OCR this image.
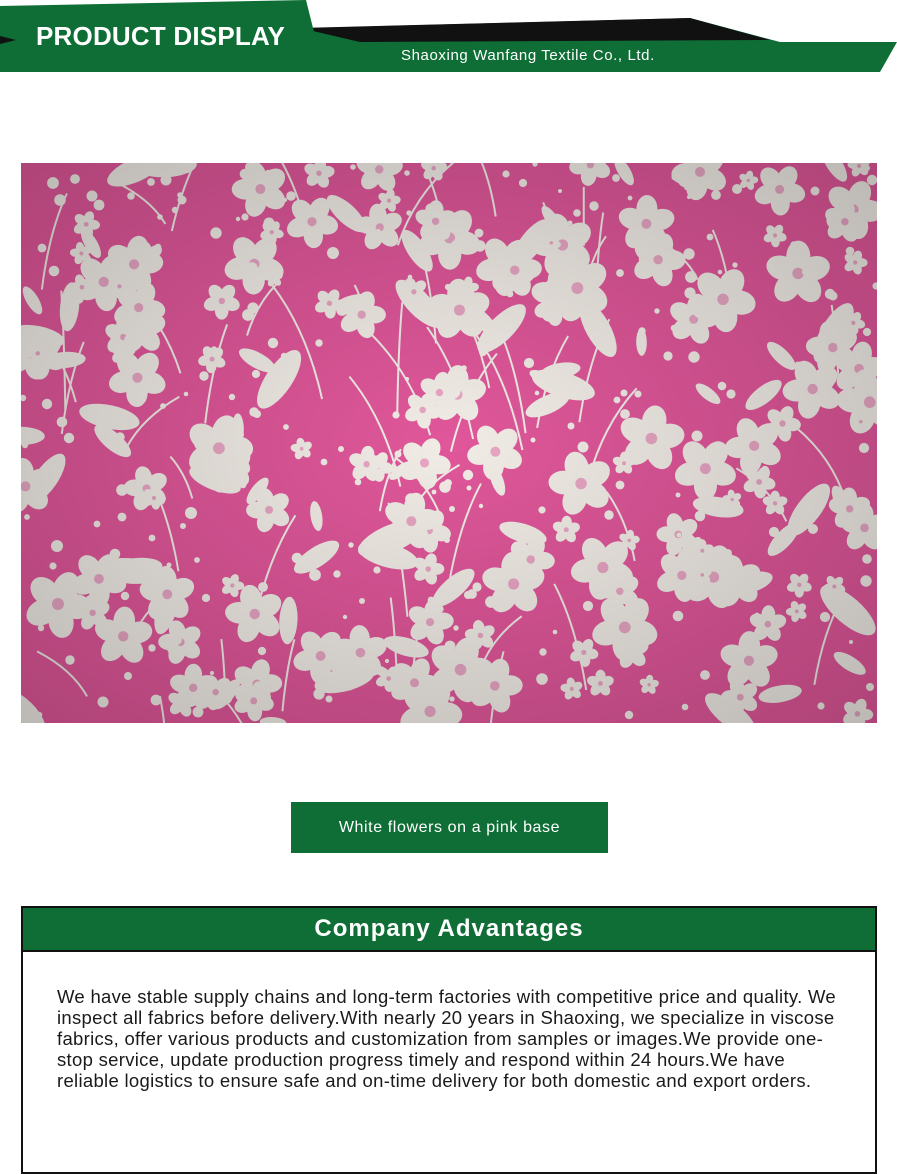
PRODUCT DISPLAY
Shaoxing Wanfang Textile Co., Ltd.
White flowers on a pink base
Company Advantages
We have stable supply chains and long-term factories with competitive price and quality. We inspect all fabrics before delivery.With nearly 20 years in Shaoxing, we specialize in viscose fabrics, offer various products and customization from samples or images.We provide one-stop service, update production progress timely and respond within 24 hours.We have reliable logistics to ensure safe and on-time delivery for both domestic and export orders.
